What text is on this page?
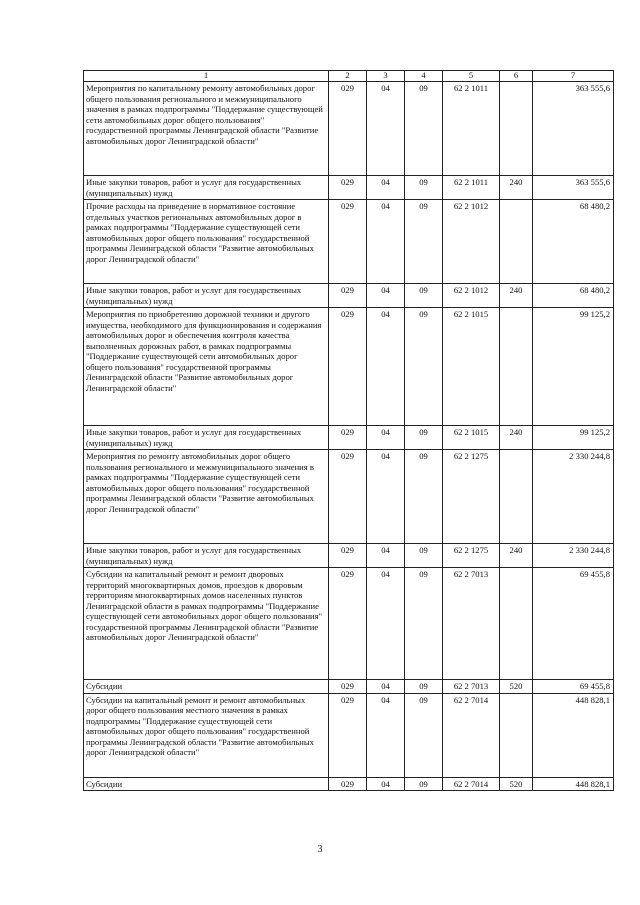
1	2	3	4	5	6	7
Мероприятия по капитальному ремонту автомобильных дорог общего пользования регионального и межмуниципального значения в рамках подпрограммы "Поддержание существующей сети автомобильных дорог общего пользования" государственной программы Ленинградской области "Развитие автомобильных дорог Ленинградской области"	029	04	09	62 2 1011		363 555,6
Иные закупки товаров, работ и услуг для государственных (муниципальных) нужд	029	04	09	62 2 1011	240	363 555,6
Прочие расходы на приведение в нормативное состояние отдельных участков региональных автомобильных дорог в рамках подпрограммы "Поддержание существующей сети автомобильных дорог общего пользования" государственной программы Ленинградской области "Развитие автомобильных дорог Ленинградской области"	029	04	09	62 2 1012		68 480,2
Иные закупки товаров, работ и услуг для государственных (муниципальных) нужд	029	04	09	62 2 1012	240	68 480,2
Мероприятия по приобретению дорожной техники и другого имущества, необходимого для функционирования и содержания автомобильных дорог и обеспечения контроля качества выполненных дорожных работ, в рамках подпрограммы "Поддержание существующей сети автомобильных дорог общего пользования" государственной программы Ленинградской области "Развитие автомобильных дорог Ленинградской области"	029	04	09	62 2 1015		99 125,2
Иные закупки товаров, работ и услуг для государственных (муниципальных) нужд	029	04	09	62 2 1015	240	99 125,2
Мероприятия по ремонту автомобильных дорог общего пользования регионального и межмуниципального значения в рамках подпрограммы "Поддержание существующей сети автомобильных дорог общего пользования" государственной программы Ленинградской области "Развитие автомобильных дорог Ленинградской области"	029	04	09	62 2 1275		2 330 244,8
Иные закупки товаров, работ и услуг для государственных (муниципальных) нужд	029	04	09	62 2 1275	240	2 330 244,8
Субсидии на капитальный ремонт и ремонт дворовых территорий многоквартирных домов, проездов к дворовым территориям многоквартирных домов населенных пунктов Ленинградской области в рамках подпрограммы "Поддержание существующей сети автомобильных дорог общего пользования" государственной программы Ленинградской области "Развитие автомобильных дорог Ленинградской области"	029	04	09	62 2 7013		69 455,8
Субсидии	029	04	09	62 2 7013	520	69 455,8
Субсидии на капитальный ремонт и ремонт автомобильных дорог общего пользования местного значения в рамках подпрограммы "Поддержание существующей сети автомобильных дорог общего пользования" государственной программы Ленинградской области "Развитие автомобильных дорог Ленинградской области"	029	04	09	62 2 7014		448 828,1
Субсидии	029	04	09	62 2 7014	520	448 828,1
3
